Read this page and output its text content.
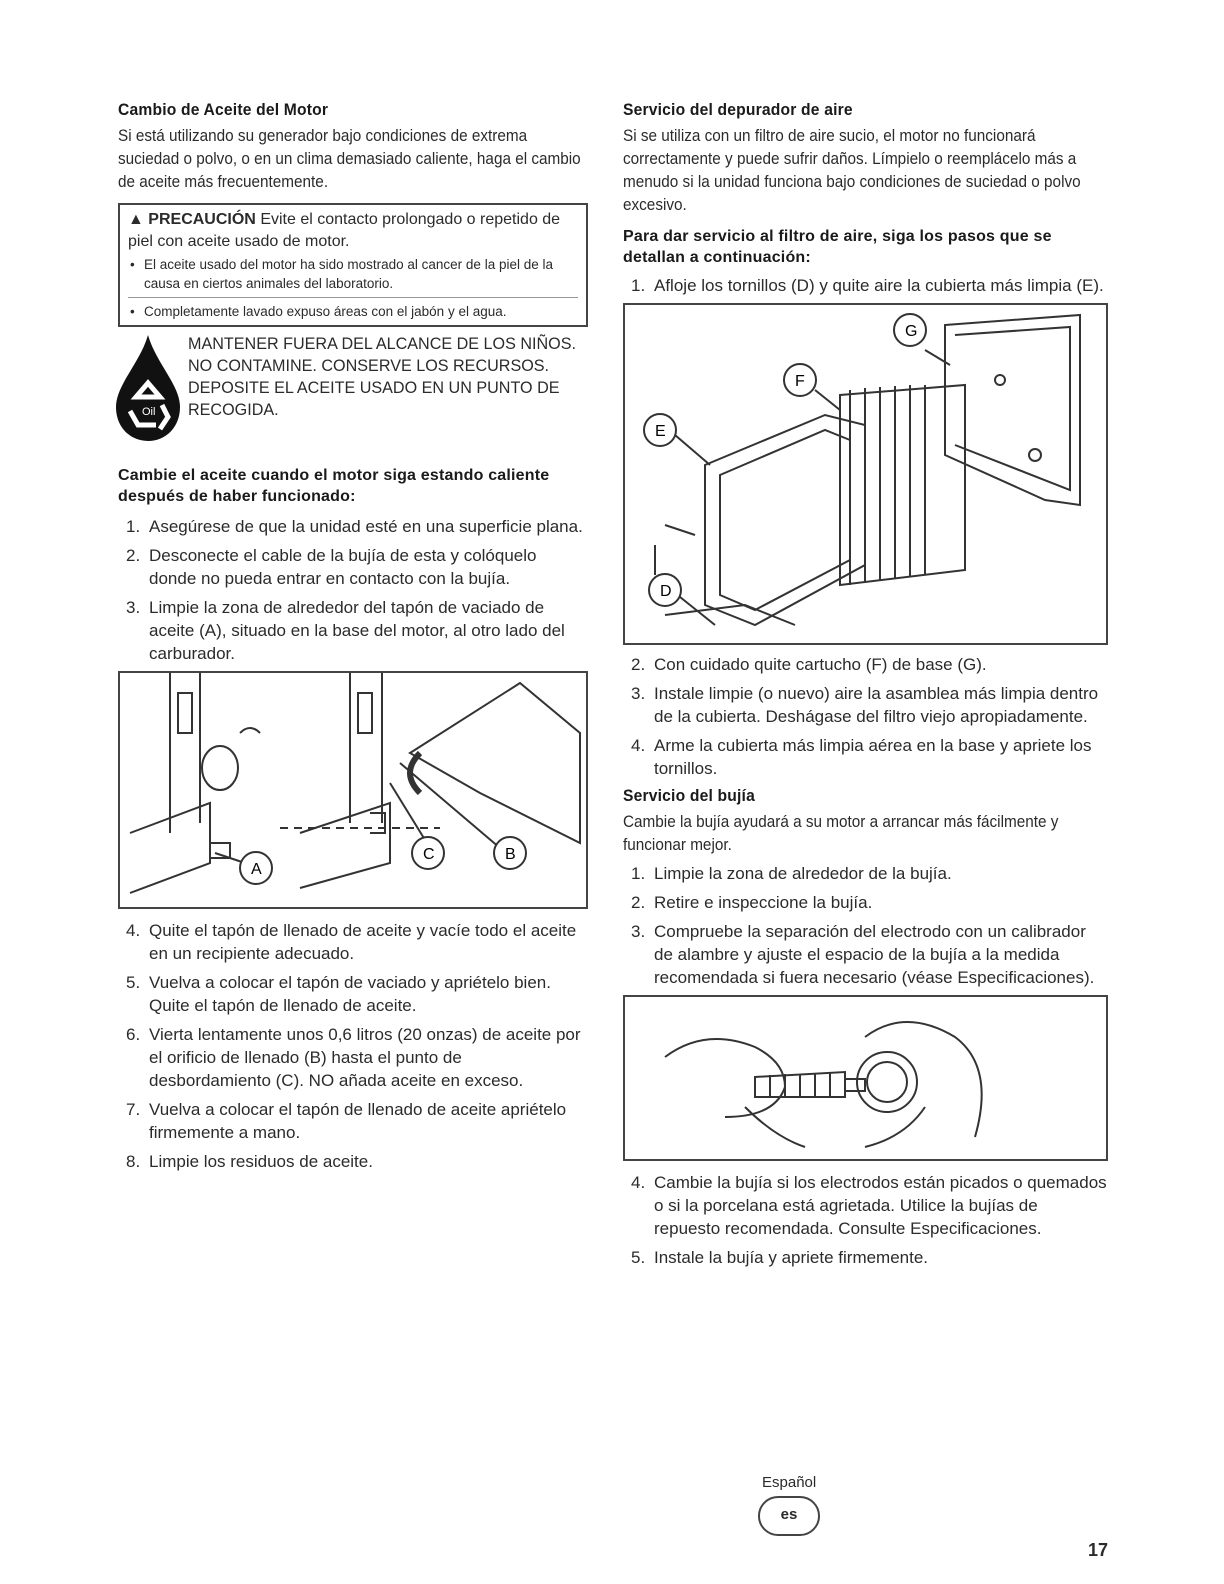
Cambio de Aceite del Motor

Si está utilizando su generador bajo condiciones de extrema suciedad o polvo, o en un clima demasiado caliente, haga el cambio de aceite más frecuentemente.

▲ PRECAUCIÓN Evite el contacto prolongado o repetido de piel con aceite usado de motor.
• El aceite usado del motor ha sido mostrado al cancer de la piel de la causa en ciertos animales del laboratorio.
• Completamente lavado expuso áreas con el jabón y el agua.
Oil
MANTENER FUERA DEL ALCANCE DE LOS NIÑOS. NO CONTAMINE. CONSERVE LOS RECURSOS. DEPOSITE EL ACEITE USADO EN UN PUNTO DE RECOGIDA.
Cambie el aceite cuando el motor siga estando caliente después de haber funcionado:
1. Asegúrese de que la unidad esté en una superficie plana.
2. Desconecte el cable de la bujía de esta y colóquelo donde no pueda entrar en contacto con la bujía.
3. Limpie la zona de alrededor del tapón de vaciado de aceite (A), situado en la base del motor, al otro lado del carburador.
A
C	B
4. Quite el tapón de llenado de aceite y vacíe todo el aceite en un recipiente adecuado.
5. Vuelva a colocar el tapón de vaciado y apriételo bien. Quite el tapón de llenado de aceite.
6. Vierta lentamente unos 0,6 litros (20 onzas) de aceite por el orificio de llenado (B) hasta el punto de desbordamiento (C). NO añada aceite en exceso.
7. Vuelva a colocar el tapón de llenado de aceite apriételo firmemente a mano.
8. Limpie los residuos de aceite.
Servicio del depurador de aire

Si se utiliza con un filtro de aire sucio, el motor no funcionará correctamente y puede sufrir daños. Límpielo o reemplácelo más a menudo si la unidad funciona bajo condiciones de suciedad o polvo excesivo.

Para dar servicio al filtro de aire, siga los pasos que se detallan a continuación:
1. Afloje los tornillos (D) y quite aire la cubierta más limpia (E).
E
F
G
D
2. Con cuidado quite cartucho (F) de base (G).
3. Instale limpie (o nuevo) aire la asamblea más limpia dentro de la cubierta. Deshágase del filtro viejo apropiadamente.
4. Arme la cubierta más limpia aérea en la base y apriete los tornillos.
Servicio del bujía

Cambie la bujía ayudará a su motor a arrancar más fácilmente y funcionar mejor.

1. Limpie la zona de alrededor de la bujía.
2. Retire e inspeccione la bujía.
3. Compruebe la separación del electrodo con un calibrador de alambre y ajuste el espacio de la bujía a la medida recomendada si fuera necesario (véase Especificaciones).
4. Cambie la bujía si los electrodos están picados o quemados o si la porcelana está agrietada. Utilice la bujías de repuesto recomendada. Consulte Especificaciones.
5. Instale la bujía y apriete firmemente.
Español
es
17
